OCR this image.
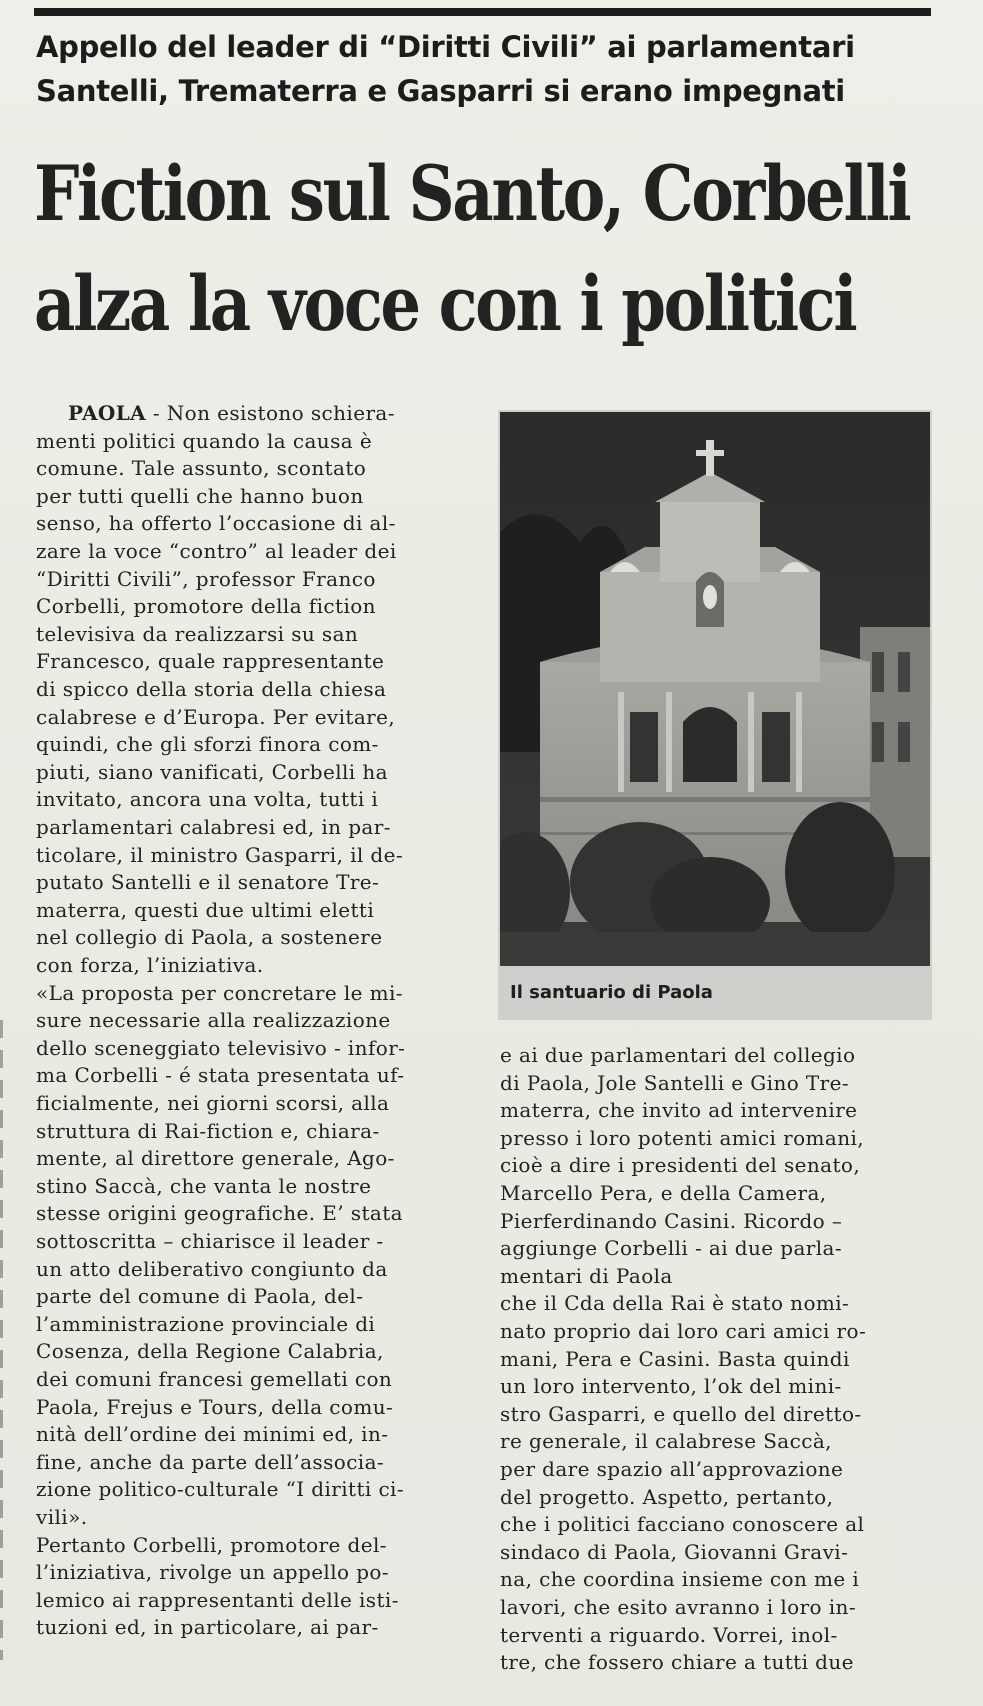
Appello del leader di “Diritti Civili” ai parlamentari
Santelli, Trematerra e Gasparri si erano impegnati
Fiction sul Santo, Corbelli
alza la voce con i politici
PAOLA - Non esistono schiera-
menti politici quando la causa è
comune. Tale assunto, scontato
per tutti quelli che hanno buon
senso, ha offerto l’occasione di al-
zare la voce “contro” al leader dei
“Diritti Civili”, professor Franco
Corbelli, promotore della fiction
televisiva da realizzarsi su san
Francesco, quale rappresentante
di spicco della storia della chiesa
calabrese e d’Europa. Per evitare,
quindi, che gli sforzi finora com-
piuti, siano vanificati, Corbelli ha
invitato, ancora una volta, tutti i
parlamentari calabresi ed, in par-
ticolare, il ministro Gasparri, il de-
putato Santelli e il senatore Tre-
materra, questi due ultimi eletti
nel collegio di Paola, a sostenere
con forza, l’iniziativa.
«La proposta per concretare le mi-
sure necessarie alla realizzazione
dello sceneggiato televisivo - infor-
ma Corbelli - é stata presentata uf-
ficialmente, nei giorni scorsi, alla
struttura di Rai-fiction e, chiara-
mente, al direttore generale, Ago-
stino Saccà, che vanta le nostre
stesse origini geografiche. E’ stata
sottoscritta – chiarisce il leader -
un atto deliberativo congiunto da
parte del comune di Paola, del-
l’amministrazione provinciale di
Cosenza, della Regione Calabria,
dei comuni francesi gemellati con
Paola, Frejus e Tours, della comu-
nità dell’ordine dei minimi ed, in-
fine, anche da parte dell’associa-
zione politico-culturale “I diritti ci-
vili».
Pertanto Corbelli, promotore del-
l’iniziativa, rivolge un appello po-
lemico ai rappresentanti delle isti-
tuzioni ed, in particolare, ai par-
e ai due parlamentari del collegio
di Paola, Jole Santelli e Gino Tre-
materra, che invito ad intervenire
presso i loro potenti amici romani,
cioè a dire i presidenti del senato,
Marcello Pera, e della Camera,
Pierferdinando Casini. Ricordo –
aggiunge Corbelli - ai due parla-
mentari di Paola
che il Cda della Rai è stato nomi-
nato proprio dai loro cari amici ro-
mani, Pera e Casini. Basta quindi
un loro intervento, l’ok del mini-
stro Gasparri, e quello del diretto-
re generale, il calabrese Saccà,
per dare spazio all’approvazione
del progetto. Aspetto, pertanto,
che i politici facciano conoscere al
sindaco di Paola, Giovanni Gravi-
na, che coordina insieme con me i
lavori, che esito avranno i loro in-
terventi a riguardo. Vorrei, inol-
tre, che fossero chiare a tutti due
Il santuario di Paola
